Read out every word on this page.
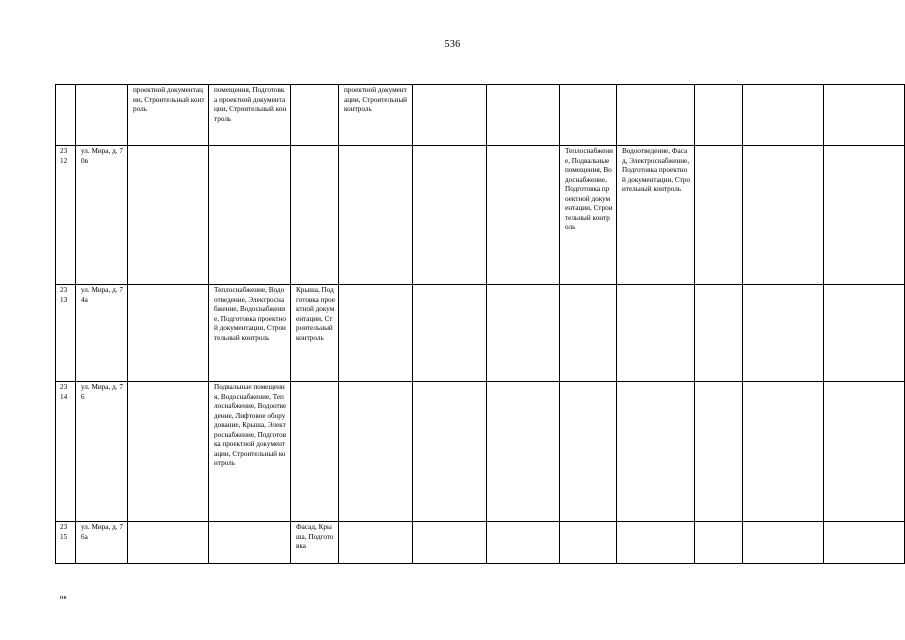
536
		проектной документации, Строительный контроль	помещения, Подготовка проектной документации, Строительный контроль		проектной документации, Строительный контроль							
23 12	ул. Мира, д. 70в							Теплоснабжение, Подвальные помещения, Водоснабжение, Подготовка проектной документации, Строительный контроль	Водоотведение, Фасад, Электроснабжение, Подготовка проектной документации, Строительный контроль			
23 13	ул. Мира, д. 74а		Теплоснабжение, Водоотведение, Электроснабжение, Водоснабжение, Подготовка проектной документации, Строительный контроль	Крыша, Подготовка проектной документации, Строительный контроль								
23 14	ул. Мира, д. 76		Подвальные помещения, Водоснабжение, Теплоснабжение, Водоотведение, Лифтовое оборудование, Крыша, Электроснабжение, Подготовка проектной документации, Строительный контроль									
23 15	ул. Мира, д. 76а			Фасад, Крыша, Подготовка								
нв
